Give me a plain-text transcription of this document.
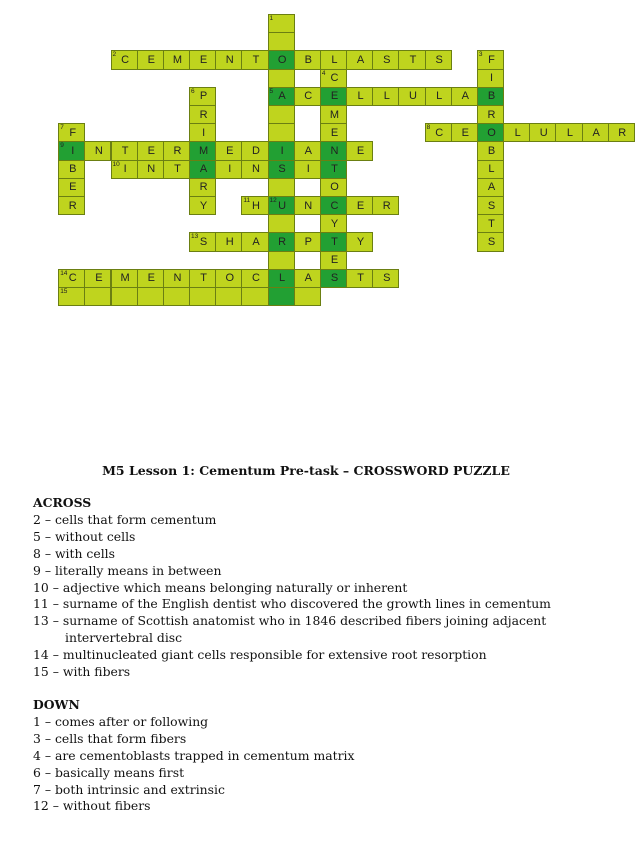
2 C E M E N T O B L A S T S
5 A C E L L U L A B
8 C E O L U L A R
9 I N T E R M E D I A N E
10 I N T A I N S I T
11 H 12 U N C E R
13 S H A R P T Y
14 C E M E N T O C L A S T S
15
1
3 F
I
R
B
L
A
S
T
S
4 C
M
E
O
Y
E
6 P
R
I
R
Y
7 F
B
E
R
M5 Lesson 1: Cementum Pre-task – CROSSWORD PUZZLE
ACROSS
2 – cells that form cementum
5 – without cells
8 – with cells
9 – literally means in between
10 – adjective which means belonging naturally or inherent
11 – surname of the English dentist who discovered the growth lines in cementum
13 – surname of Scottish anatomist who in 1846 described fibers joining adjacent
intervertebral disc
14 – multinucleated giant cells responsible for extensive root resorption
15 – with fibers
DOWN
1 – comes after or following
3 – cells that form fibers
4 – are cementoblasts trapped in cementum matrix
6 – basically means first
7 – both intrinsic and extrinsic
12 – without fibers
